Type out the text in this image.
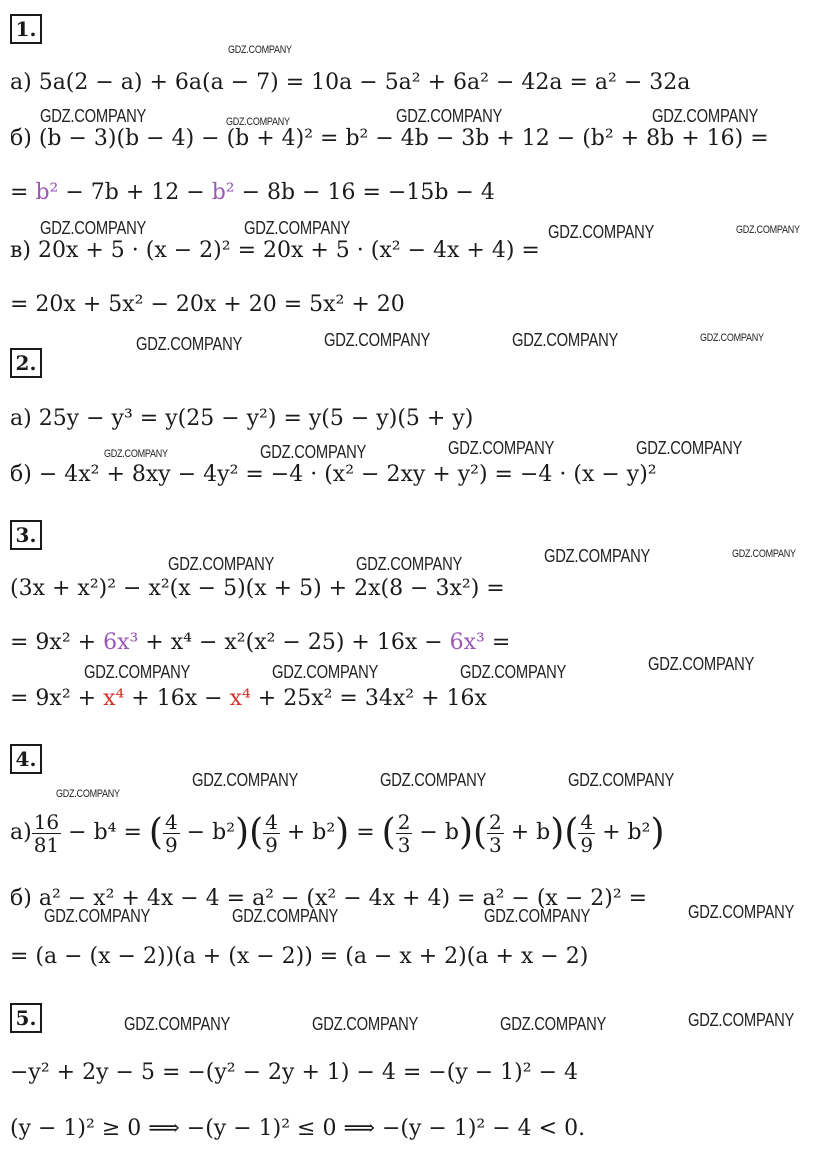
1.
2.
3.
4.
5.
а) 5a(2 − a) + 6a(a − 7) = 10a − 5a² + 6a² − 42a = a² − 32a
б) (b − 3)(b − 4) − (b + 4)² = b² − 4b − 3b + 12 − (b² + 8b + 16) =
= b² − 7b + 12 − b² − 8b − 16 = −15b − 4
в) 20x + 5 · (x − 2)² = 20x + 5 · (x² − 4x + 4) =
= 20x + 5x² − 20x + 20 = 5x² + 20
а) 25y − y³ = y(25 − y²) = y(5 − y)(5 + y)
б) − 4x² + 8xy − 4y² = −4 · (x² − 2xy + y²) = −4 · (x − y)²
(3x + x²)² − x²(x − 5)(x + 5) + 2x(8 − 3x²) =
= 9x² + 6x³ + x⁴ − x²(x² − 25) + 16x − 6x³ =
= 9x² + x⁴ + 16x − x⁴ + 25x² = 34x² + 16x
$а) \frac{16}{81} - b^4$ = ( $\frac{4}{9} - b^2)( \frac{4}{9} + b^2)$ = ( $\frac{2}{3} - b)( \frac{2}{3} + b)( \frac{4}{9} + b^2)$
б) a² − x² + 4x − 4 = a² − (x² − 4x + 4) = a² − (x − 2)² =
= (a − (x − 2))(a + (x − 2)) = (a − x + 2)(a + x − 2)
−y² + 2y − 5 = −(y² − 2y + 1) − 4 = −(y − 1)² − 4
(y − 1)² ≥ 0 ⟹ −(y − 1)² ≤ 0 ⟹ −(y − 1)² − 4 < 0.
GDZ.COMPANY
GDZ.COMPANY	GDZ.COMPANY	GDZ.COMPANY	GDZ.COMPANY
GDZ.COMPANY	GDZ.COMPANY	GDZ.COMPANY	GDZ.COMPANY
GDZ.COMPANY	GDZ.COMPANY	GDZ.COMPANY	GDZ.COMPANY
GDZ.COMPANY	GDZ.COMPANY	GDZ.COMPANY	GDZ.COMPANY
GDZ.COMPANY	GDZ.COMPANY	GDZ.COMPANY	GDZ.COMPANY
GDZ.COMPANY	GDZ.COMPANY	GDZ.COMPANY	GDZ.COMPANY
GDZ.COMPANY
GDZ.COMPANY	GDZ.COMPANY	GDZ.COMPANY
GDZ.COMPANY	GDZ.COMPANY	GDZ.COMPANY	GDZ.COMPANY
GDZ.COMPANY	GDZ.COMPANY	GDZ.COMPANY	GDZ.COMPANY
